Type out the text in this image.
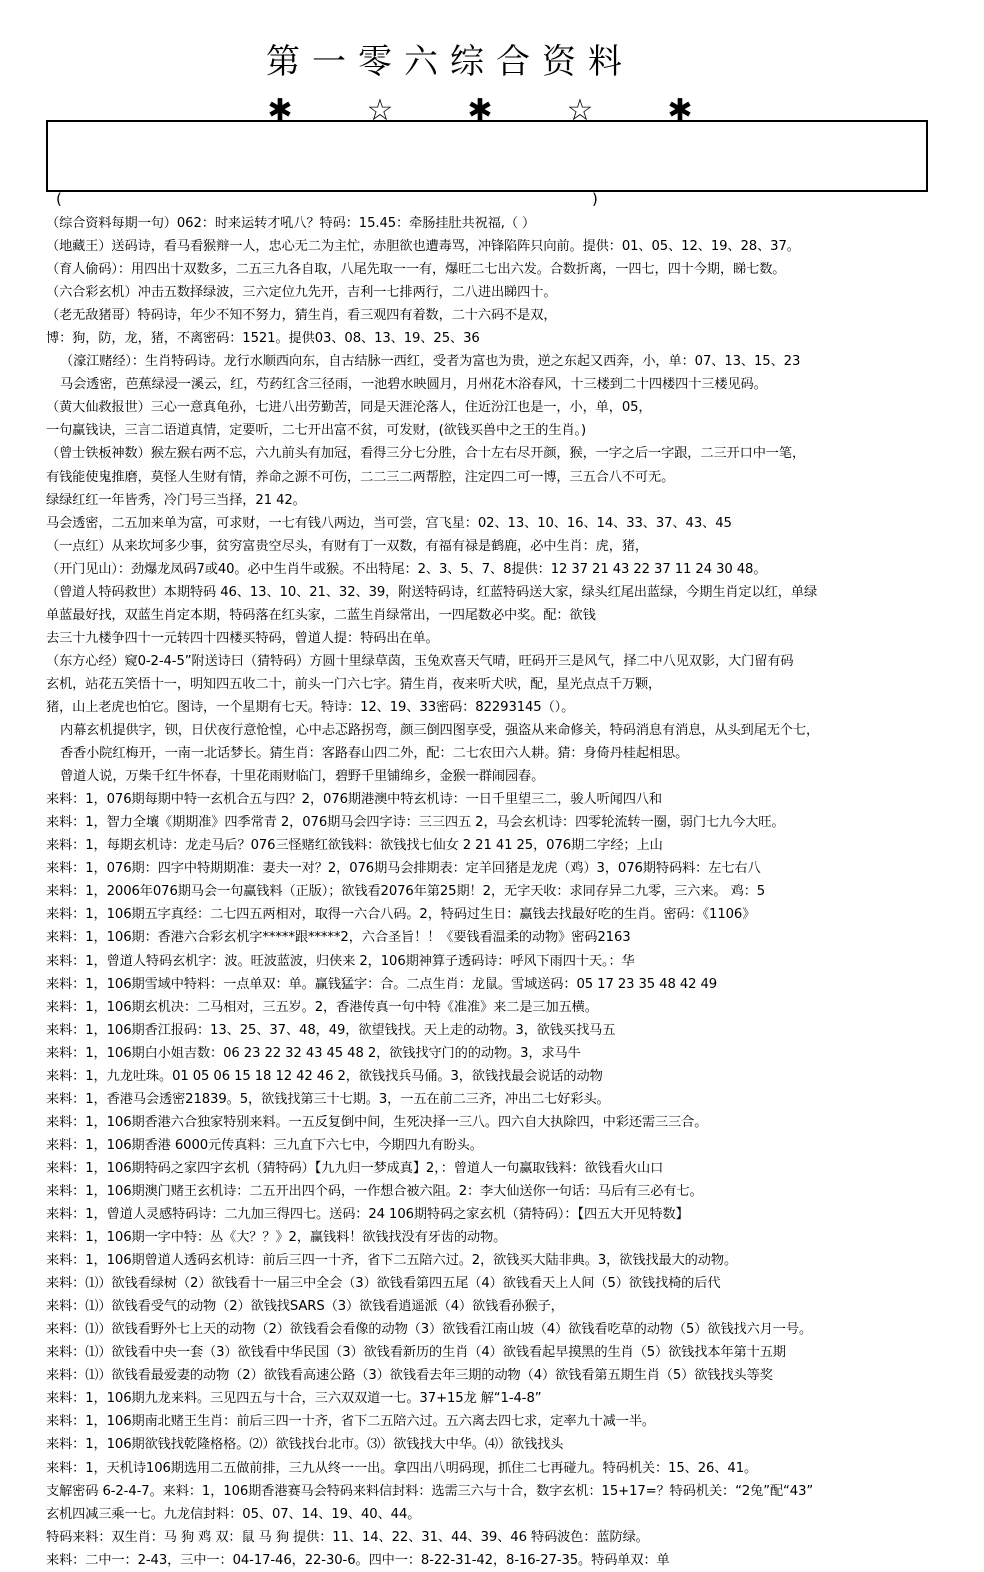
第一零六综合资料
✱ ☆ ✱ ☆ ✱
(	)
（综合资料每期一句）062：时来运转才吼八？特码：15.45：牵肠挂肚共祝福,（ ）
（地藏王）送码诗，看马看猴辩一人，忠心无二为主忙，赤胆欲也遭毒骂，冲锋陷阵只向前。提供：01、05、12、19、28、37。
（育人偷码）：用四出十双数多，二五三九各自取，八尾先取一一有，爆旺二七出六发。合数折离，一四七，四十今期，睇七数。
（六合彩玄机）冲击五数择绿波，三六定位九先开，吉利一七排两行，二八进出睇四十。
（老无敌猪哥）特码诗，年少不知不努力，猜生肖，看三观四有着数，二十六码不是双，
博：狗，防，龙，猪，不离密码：1521。提供03、08、13、19、25、36
（濠江赌经）：生肖特码诗。龙行水顺西向东，自古结脉一西红，受者为富也为贵，逆之东起又西奔，小，单：07、13、15、23
马会透密，芭蕉绿浸一溪云，红，芍药红含三径雨，一池碧水映圆月，月州花木浴春风，十三楼到二十四楼四十三楼见码。
（黄大仙救报世）三心一意真龟孙，七进八出劳勤苦，同是天涯沦落人，住近汾江也是一，小，单，05，
一句赢钱诀，三言二语道真情，定要听，二七开出富不贫，可发财，(欲钱买兽中之王的生肖。)
（曾士铁板神数）猴左猴右两不忘，六九前头有加冠，看得三分七分胜，合十左右尽开颜，猴，一字之后一字跟，二三开口中一笔，
有钱能使鬼推磨，莫怪人生财有情，养命之源不可伤，二二三二两帮腔，注定四二可一博，三五合八不可无。
绿绿红红一年皆秀，冷门号三当择，21 42。
马会透密，二五加来单为富，可求财，一七有钱八两边，当可尝，宫飞星：02、13、10、16、14、33、37、43、45
（一点红）从来坎坷多少事，贫穷富贵空尽头，有财有丁一双数，有福有禄是鹤鹿，必中生肖：虎，猪，
（开门见山）：劲爆龙凤码7或40。必中生肖牛或猴。不出特尾：2、3、5、7、8提供：12 37 21 43 22 37 11 24 30 48。
（曾道人特码救世）本期特码 46、13、10、21、32、39，附送特码诗，红蓝特码送大家，绿头红尾出蓝绿，今期生肖定以红，单绿
单蓝最好找，双蓝生肖定本期，特码落在红头家，二蓝生肖绿常出，一四尾数必中奖。配：欲钱
去三十九楼争四十一元转四十四楼买特码，曾道人提：特码出在单。
（东方心经）窥0-2-4-5”附送诗曰（猜特码）方圆十里绿草茵，玉兔欢喜天气晴，旺码开三是风气，择二中八见双影，大门留有码
玄机，站花五笑悟十一，明知四五收二十，前头一门六七字。猜生肖，夜来听犬吠，配，星光点点千万颗，
猪，山上老虎也怕它。图诗，一个星期有七天。特诗：12、19、33密码：82293145（）。
内幕玄机提供字，钡，日伏夜行意怆惶，心中忐忑路拐弯，颜三倒四图享受，强盗从来命修关，特码消息有消息，从头到尾无个七，
香香小院红梅开，一南一北话梦长。猜生肖：客路春山四二外，配：二七农田六人耕。猜：身倚丹桂起相思。
曾道人说，万柴千红牛怀春，十里花雨财临门，碧野千里铺绵乡，金猴一群闹园春。
来料：1，076期每期中特一玄机合五与四？2，076期港澳中特玄机诗：一日千里望三二，骏人听闻四八和
来料：1，智力全壤《期期准》四季常青 2，076期马会四字诗：三三四五 2，马会玄机诗：四零轮流转一圈，弱门七九今大旺。
来料：1，每期玄机诗：龙走马后？076三怪赌红欲钱料：欲钱找七仙女 2 21 41 25，076期二字经；上山
来料：1，076期：四字中特期期准：妻夫一对？2，076期马会排期表：定羊回猪是龙虎（鸡）3，076期特码料：左七右八
来料：1，2006年076期马会一句赢钱料（正版）；欲钱看2076年第25期！2，无字天收：求同存异二九零，三六来。 鸡：5
来料：1，106期五字真经：二七四五两相对，取得一六合八码。2，特码过生日：赢钱去找最好吃的生肖。密码：《1106》
来料：1，106期：香港六合彩玄机字*****跟*****2，六合圣旨！！《要钱看温柔的动物》密码2163
来料：1，曾道人特码玄机字：波。旺波蓝波，归侠来 2，106期神算子透码诗：呼风下雨四十天。：华
来料：1，106期雪域中特料：一点单双：单。赢钱猛字：合。二点生肖：龙鼠。雪域送码：05 17 23 35 48 42 49
来料：1，106期玄机决：二马相对，三五岁。2，香港传真一句中特《准准》来二是三加五横。
来料：1，106期香江报码：13、25、37、48，49，欲望钱找。天上走的动物。3，欲钱买找马五
来料：1，106期白小姐吉数：06 23 22 32 43 45 48 2，欲钱找守门的的动物。3，求马牛
来料：1，九龙吐珠。01 05 06 15 18 12 42 46 2，欲钱找兵马俑。3，欲钱找最会说话的动物
来料：1，香港马会透密21839。5，欲钱找第三十七期。3，一五在前二三齐，冲出二七好彩头。
来料：1，106期香港六合独家特别来料。一五反复倒中间，生死决择一三八。四六自大执除四，中彩还需三三合。
来料：1，106期香港 6000元传真料：三九直下六七中，今期四九有盼头。
来料：1，106期特码之家四字玄机（猜特码）【九九归一梦成真】2，：曾道人一句赢取钱料：欲钱看火山口
来料：1，106期澳门赌王玄机诗：二五开出四个码，一作想合被六阻。2：李大仙送你一句话：马后有三必有七。
来料：1，曾道人灵感特码诗：二九加三得四七。送码：24 106期特码之家玄机（猜特码）：【四五大开见特数】
来料：1，106期一字中特：丛《大？？》2，赢钱料！欲钱找没有牙齿的动物。
来料：1，106期曾道人透码玄机诗：前后三四一十齐，省下二五陪六过。2，欲钱买大陆非典。3，欲钱找最大的动物。
来料：⑴）欲钱看绿树（2）欲钱看十一届三中全会（3）欲钱看第四五尾（4）欲钱看天上人间（5）欲钱找椅的后代
来料：⑴）欲钱看受气的动物（2）欲钱找SARS（3）欲钱看逍遥派（4）欲钱看孙猴子，
来料：⑴）欲钱看野外七上天的动物（2）欲钱看会看像的动物（3）欲钱看江南山坡（4）欲钱看吃草的动物（5）欲钱找六月一号。
来料：⑴）欲钱看中央一套（3）欲钱看中华民国（3）欲钱看新历的生肖（4）欲钱看起早摸黑的生肖（5）欲钱找本年第十五期
来料：⑴）欲钱看最爱妻的动物（2）欲钱看高速公路（3）欲钱看去年三期的动物（4）欲钱看第五期生肖（5）欲钱找头等奖
来料：1，106期九龙来料。三见四五与十合，三六双双道一七。37+15龙 解“1-4-8”
来料：1，106期南北赌王生肖：前后三四一十齐，省下二五陪六过。五六离去四七求，定率九十减一半。
来料：1，106期欲钱找乾隆格格。⑵）欲钱找台北市。⑶）欲钱找大中华。⑷）欲钱找头
来料：1，天机诗106期选用二五做前排，三九从终一一出。拿四出八明码现，抓住二七再碰九。特码机关：15、26、41。
支解密码 6-2-4-7。来料：1，106期香港赛马会特码来料信封料：选需三六与十合，数字玄机：15+17=？特码机关：“2兔”配“43”
玄机四减三乘一七。九龙信封料：05、07、14、19、40、44。
特码来料：双生肖：马 狗 鸡 双：鼠 马 狗 提供：11、14、22、31、44、39、46 特码波色：蓝防绿。
来料：二中一：2-43，三中一：04-17-46，22-30-6。四中一：8-22-31-42，8-16-27-35。特码单双：单
